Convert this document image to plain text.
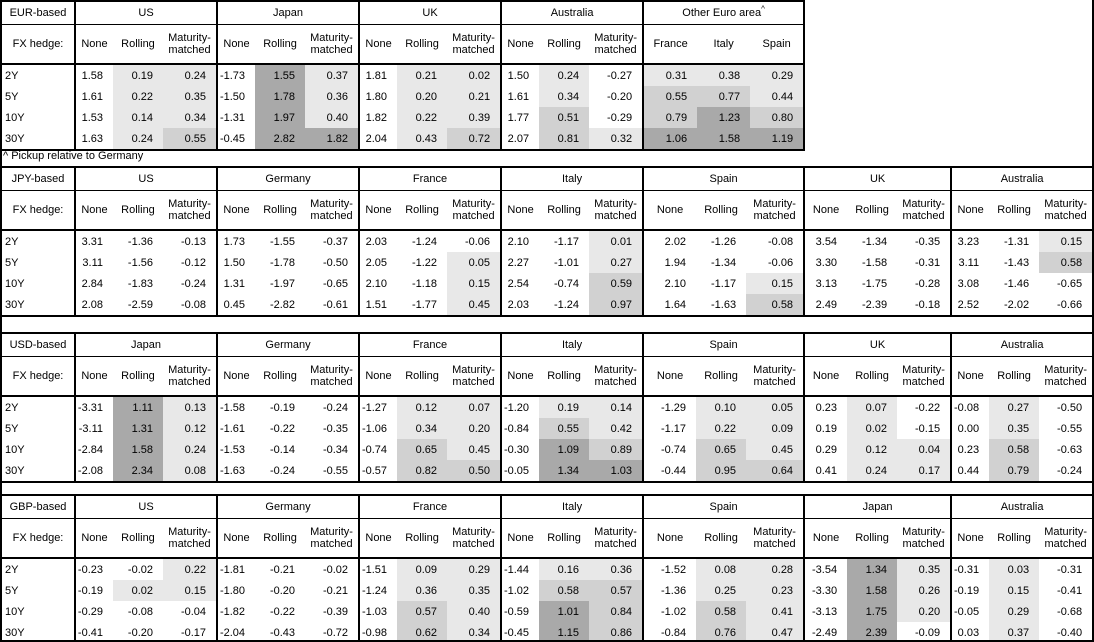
EUR-based	US			Japan			UK			Australia			Other Euro area^
FX hedge:	None	Rolling	Maturity-matched	None	Rolling	Maturity-matched	None	Rolling	Maturity-matched	None	Rolling	Maturity-matched	France	Italy	Spain
2Y	1.58	0.19	0.24	-1.73	1.55	0.37	1.81	0.21	0.02	1.50	0.24	-0.27	0.31	0.38	0.29
5Y	1.61	0.22	0.35	-1.50	1.78	0.36	1.80	0.20	0.21	1.61	0.34	-0.20	0.55	0.77	0.44
10Y	1.53	0.14	0.34	-1.31	1.97	0.40	1.82	0.22	0.39	1.77	0.51	-0.29	0.79	1.23	0.80
30Y	1.63	0.24	0.55	-0.45	2.82	1.82	2.04	0.43	0.72	2.07	0.81	0.32	1.06	1.58	1.19
JPY-based	US			Germany			France			Italy			Spain			UK			Australia		
FX hedge:	None	Rolling	Maturity-matched	None	Rolling	Maturity-matched	None	Rolling	Maturity-matched	None	Rolling	Maturity-matched	None	Rolling	Maturity-matched	None	Rolling	Maturity-matched	None	Rolling	Maturity-matched
2Y	3.31	-1.36	-0.13	1.73	-1.55	-0.37	2.03	-1.24	-0.06	2.10	-1.17	0.01	2.02	-1.26	-0.08	3.54	-1.34	-0.35	3.23	-1.31	0.15
5Y	3.11	-1.56	-0.12	1.50	-1.78	-0.50	2.05	-1.22	0.05	2.27	-1.01	0.27	1.94	-1.34	-0.06	3.30	-1.58	-0.31	3.11	-1.43	0.58
10Y	2.84	-1.83	-0.24	1.31	-1.97	-0.65	2.10	-1.18	0.15	2.54	-0.74	0.59	2.10	-1.17	0.15	3.13	-1.75	-0.28	3.08	-1.46	-0.65
30Y	2.08	-2.59	-0.08	0.45	-2.82	-0.61	1.51	-1.77	0.45	2.03	-1.24	0.97	1.64	-1.63	0.58	2.49	-2.39	-0.18	2.52	-2.02	-0.66
USD-based	Japan			Germany			France			Italy			Spain			UK			Australia		
FX hedge:	None	Rolling	Maturity-matched	None	Rolling	Maturity-matched	None	Rolling	Maturity-matched	None	Rolling	Maturity-matched	None	Rolling	Maturity-matched	None	Rolling	Maturity-matched	None	Rolling	Maturity-matched
2Y	-3.31	1.11	0.13	-1.58	-0.19	-0.24	-1.27	0.12	0.07	-1.20	0.19	0.14	-1.29	0.10	0.05	0.23	0.07	-0.22	-0.08	0.27	-0.50
5Y	-3.11	1.31	0.12	-1.61	-0.22	-0.35	-1.06	0.34	0.20	-0.84	0.55	0.42	-1.17	0.22	0.09	0.19	0.02	-0.15	0.00	0.35	-0.55
10Y	-2.84	1.58	0.24	-1.53	-0.14	-0.34	-0.74	0.65	0.45	-0.30	1.09	0.89	-0.74	0.65	0.45	0.29	0.12	0.04	0.23	0.58	-0.63
30Y	-2.08	2.34	0.08	-1.63	-0.24	-0.55	-0.57	0.82	0.50	-0.05	1.34	1.03	-0.44	0.95	0.64	0.41	0.24	0.17	0.44	0.79	-0.24
GBP-based	US			Germany			France			Italy			Spain			Japan			Australia		
FX hedge:	None	Rolling	Maturity-matched	None	Rolling	Maturity-matched	None	Rolling	Maturity-matched	None	Rolling	Maturity-matched	None	Rolling	Maturity-matched	None	Rolling	Maturity-matched	None	Rolling	Maturity-matched
2Y	-0.23	-0.02	0.22	-1.81	-0.21	-0.02	-1.51	0.09	0.29	-1.44	0.16	0.36	-1.52	0.08	0.28	-3.54	1.34	0.35	-0.31	0.03	-0.31
5Y	-0.19	0.02	0.15	-1.80	-0.20	-0.21	-1.24	0.36	0.35	-1.02	0.58	0.57	-1.36	0.25	0.23	-3.30	1.58	0.26	-0.19	0.15	-0.41
10Y	-0.29	-0.08	-0.04	-1.82	-0.22	-0.39	-1.03	0.57	0.40	-0.59	1.01	0.84	-1.02	0.58	0.41	-3.13	1.75	0.20	-0.05	0.29	-0.68
30Y	-0.41	-0.20	-0.17	-2.04	-0.43	-0.72	-0.98	0.62	0.34	-0.45	1.15	0.86	-0.84	0.76	0.47	-2.49	2.39	-0.09	0.03	0.37	-0.40
^ Pickup relative to Germany
